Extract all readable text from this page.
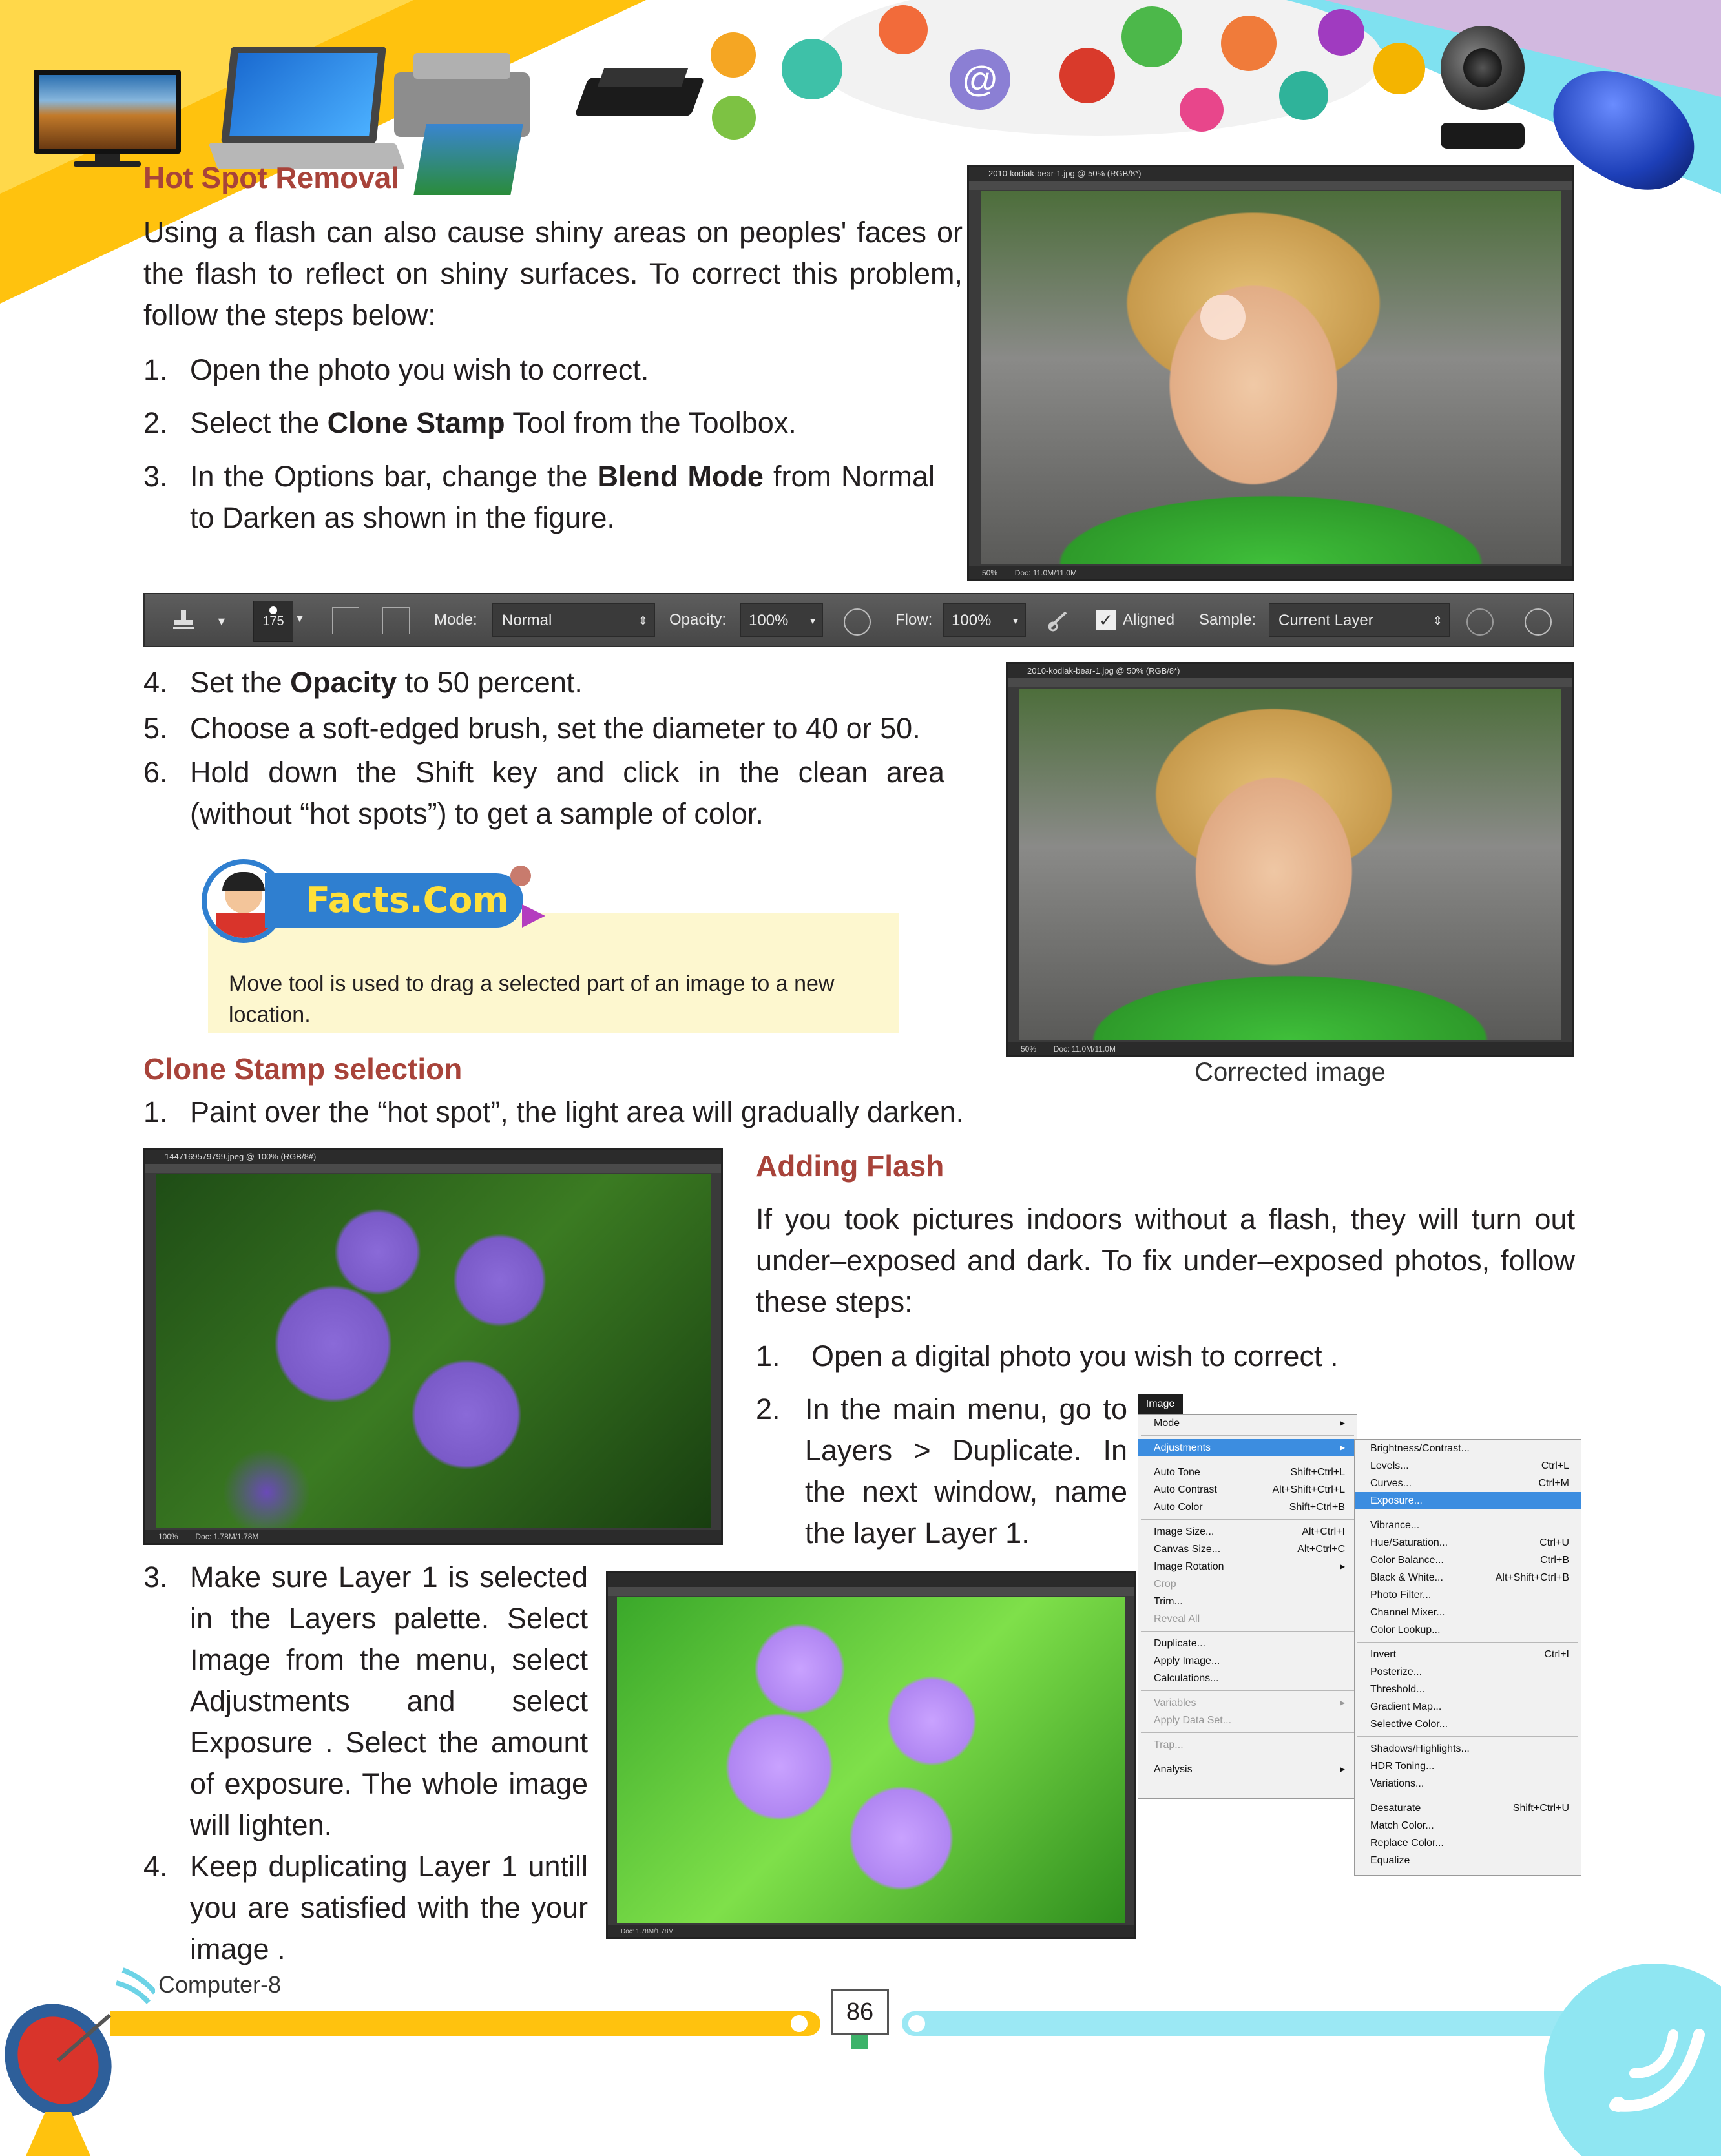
@
Hot Spot Removal
Using a flash can also cause shiny areas on peoples' faces or the flash to reflect on shiny surfaces. To correct this problem, follow the steps below:
1. Open the photo you wish to correct.
2. Select the Clone Stamp Tool from the Toolbox.
3. In the Options bar, change the Blend Mode from Normal to Darken as shown in the figure.
2010-kodiak-bear-1.jpg @ 50% (RGB/8*)
50% Doc: 11.0M/11.0M
▼	175	▼	Mode:	Normal	⇕ Opacity:	100% ▼	Flow:	100% ▼	✓ Aligned Sample:	Current Layer	⇕
4. Set the Opacity to 50 percent.
5. Choose a soft-edged brush, set the diameter to 40 or 50.
6. Hold down the Shift key and click in the clean area (without “hot spots”) to get a sample of color.
2010-kodiak-bear-1.jpg @ 50% (RGB/8*)
50% Doc: 11.0M/11.0M
Corrected image
Move tool is used to drag a selected part of an image to a new location.
Facts.Com
Clone Stamp selection
1. Paint over the “hot spot”, the light area will gradually darken.
1447169579799.jpeg @ 100% (RGB/8#)
100% Doc: 1.78M/1.78M
Adding Flash
If you took pictures indoors without a flash, they will turn out under–exposed and dark. To fix under–exposed photos, follow these steps:
1. Open a digital photo you wish to correct .
2. In the main menu, go to Layers > Duplicate. In the next window, name the layer Layer 1.
Image
Mode	▸
Adjustments	▸
Auto Tone	Shift+Ctrl+L
Auto Contrast	Alt+Shift+Ctrl+L
Auto Color	Shift+Ctrl+B
Image Size...	Alt+Ctrl+I
Canvas Size...	Alt+Ctrl+C
Image Rotation	▸
Crop
Trim...
Reveal All
Duplicate...
Apply Image...
Calculations...
Variables	▸
Apply Data Set...
Trap...
Analysis	▸
Brightness/Contrast...
Levels...	Ctrl+L
Curves...	Ctrl+M
Exposure...
Vibrance...
Hue/Saturation...	Ctrl+U
Color Balance...	Ctrl+B
Black & White...	Alt+Shift+Ctrl+B
Photo Filter...
Channel Mixer...
Color Lookup...
Invert	Ctrl+I
Posterize...
Threshold...
Gradient Map...
Selective Color...
Shadows/Highlights...
HDR Toning...
Variations...
Desaturate	Shift+Ctrl+U
Match Color...
Replace Color...
Equalize
3. Make sure Layer 1 is selected in the Layers palette. Select Image from the menu, select Adjustments and select Exposure . Select the amount of exposure. The whole image will lighten.
4. Keep duplicating Layer 1 untill you are satisfied with the your image .
Doc: 1.78M/1.78M
86
Computer-8
